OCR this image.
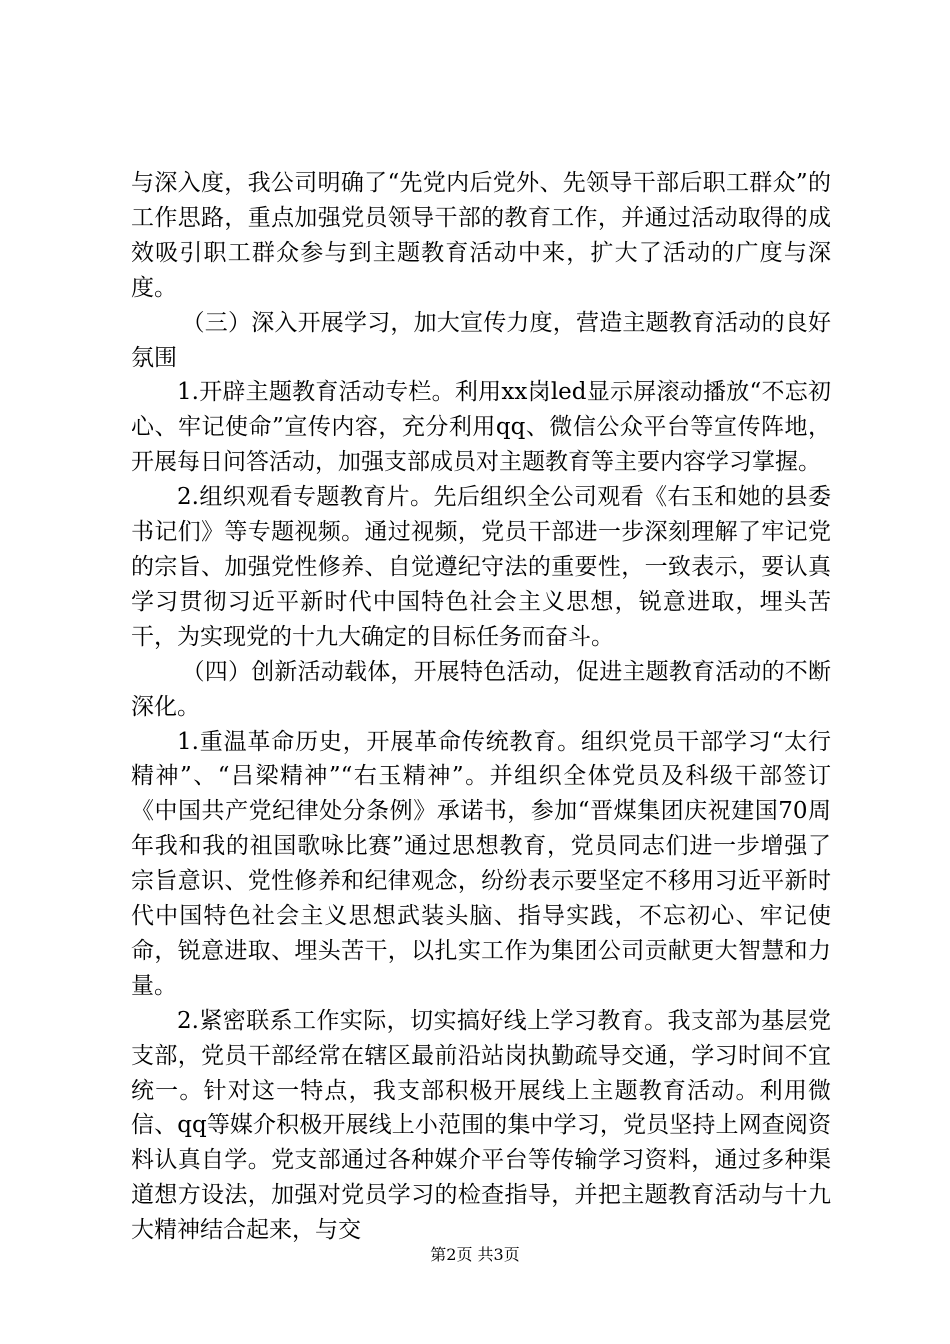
与深入度，我公司明确了“先党内后党外、先领导干部后职工群众”的工作思路，重点加强党员领导干部的教育工作，并通过活动取得的成效吸引职工群众参与到主题教育活动中来，扩大了活动的广度与深度。

（三）深入开展学习，加大宣传力度，营造主题教育活动的良好氛围

1.开辟主题教育活动专栏。利用xx岗led显示屏滚动播放“不忘初心、牢记使命”宣传内容，充分利用qq、微信公众平台等宣传阵地，开展每日问答活动，加强支部成员对主题教育等主要内容学习掌握。

2.组织观看专题教育片。先后组织全公司观看《右玉和她的县委书记们》等专题视频。通过视频，党员干部进一步深刻理解了牢记党的宗旨、加强党性修养、自觉遵纪守法的重要性，一致表示，要认真学习贯彻习近平新时代中国特色社会主义思想，锐意进取，埋头苦干，为实现党的十九大确定的目标任务而奋斗。

（四）创新活动载体，开展特色活动，促进主题教育活动的不断深化。

1.重温革命历史，开展革命传统教育。组织党员干部学习“太行精神”、“吕梁精神”“右玉精神”。并组织全体党员及科级干部签订《中国共产党纪律处分条例》承诺书，参加“晋煤集团庆祝建国70周年我和我的祖国歌咏比赛”通过思想教育，党员同志们进一步增强了宗旨意识、党性修养和纪律观念，纷纷表示要坚定不移用习近平新时代中国特色社会主义思想武装头脑、指导实践，不忘初心、牢记使命，锐意进取、埋头苦干，以扎实工作为集团公司贡献更大智慧和力量。

2.紧密联系工作实际，切实搞好线上学习教育。我支部为基层党支部，党员干部经常在辖区最前沿站岗执勤疏导交通，学习时间不宜统一。针对这一特点，我支部积极开展线上主题教育活动。利用微信、qq等媒介积极开展线上小范围的集中学习，党员坚持上网查阅资料认真自学。党支部通过各种媒介平台等传输学习资料，通过多种渠道想方设法，加强对党员学习的检查指导，并把主题教育活动与十九大精神结合起来，与交

第2页 共3页
